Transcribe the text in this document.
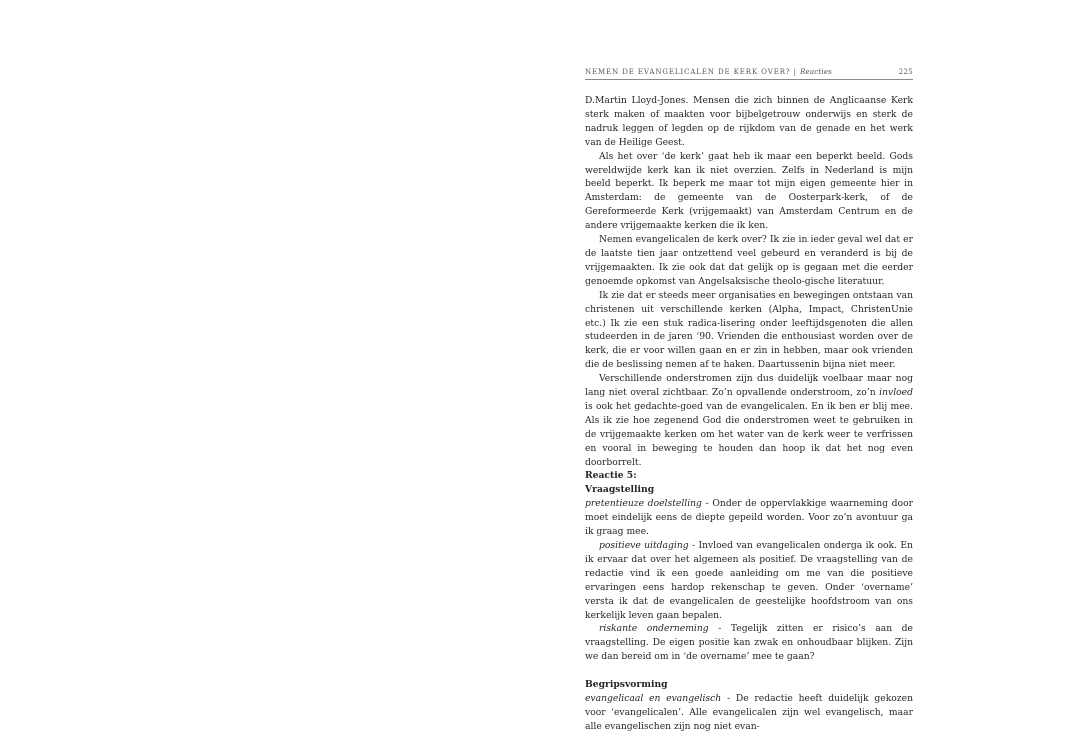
NEMEN DE EVANGELICALEN DE KERK OVER? | Reacties	225

D.Martin Lloyd-Jones. Mensen die zich binnen de Anglicaanse Kerk sterk maken of maakten voor bijbelgetrouw onderwijs en sterk de nadruk leggen of legden op de rijkdom van de genade en het werk van de Heilige Geest.

Als het over ‘de kerk’ gaat heb ik maar een beperkt beeld. Gods wereldwijde kerk kan ik niet overzien. Zelfs in Nederland is mijn beeld beperkt. Ik beperk me maar tot mijn eigen gemeente hier in Amsterdam: de gemeente van de Oosterpark-kerk, of de Gereformeerde Kerk (vrijgemaakt) van Amsterdam Centrum en de andere vrijgemaakte kerken die ik ken.

Nemen evangelicalen de kerk over? Ik zie in ieder geval wel dat er de laatste tien jaar ontzettend veel gebeurd en veranderd is bij de vrijgemaakten. Ik zie ook dat dat gelijk op is gegaan met die eerder genoemde opkomst van Angelsaksische theolo-gische literatuur.

Ik zie dat er steeds meer organisaties en bewegingen ontstaan van christenen uit verschillende kerken (Alpha, Impact, ChristenUnie etc.) Ik zie een stuk radica-lisering onder leeftijdsgenoten die allen studeerden in de jaren ‘90. Vrienden die enthousiast worden over de kerk, die er voor willen gaan en er zin in hebben, maar ook vrienden die de beslissing nemen af te haken. Daartussenin bijna niet meer.

Verschillende onderstromen zijn dus duidelijk voelbaar maar nog lang niet overal zichtbaar. Zo’n opvallende onderstroom, zo’n invloed is ook het gedachte-goed van de evangelicalen. En ik ben er blij mee. Als ik zie hoe zegenend God die onderstromen weet te gebruiken in de vrijgemaakte kerken om het water van de kerk weer te verfrissen en vooral in beweging te houden dan hoop ik dat het nog even doorborrelt.

Reactie 5:

Vraagstelling

pretentieuze doelstelling - Onder de oppervlakkige waarneming door moet eindelijk eens de diepte gepeild worden. Voor zo’n avontuur ga ik graag mee.

positieve uitdaging - Invloed van evangelicalen onderga ik ook. En ik ervaar dat over het algemeen als positief. De vraagstelling van de redactie vind ik een goede aanleiding om me van die positieve ervaringen eens hardop rekenschap te geven. Onder ‘overname’ versta ik dat de evangelicalen de geestelijke hoofdstroom van ons kerkelijk leven gaan bepalen.

riskante onderneming - Tegelijk zitten er risico’s aan de vraagstelling. De eigen positie kan zwak en onhoudbaar blijken. Zijn we dan bereid om in ‘de overname’ mee te gaan?

Begripsvorming

evangelicaal en evangelisch - De redactie heeft duidelijk gekozen voor ‘evangelicalen’. Alle evangelicalen zijn wel evangelisch, maar alle evangelischen zijn nog niet evan-
